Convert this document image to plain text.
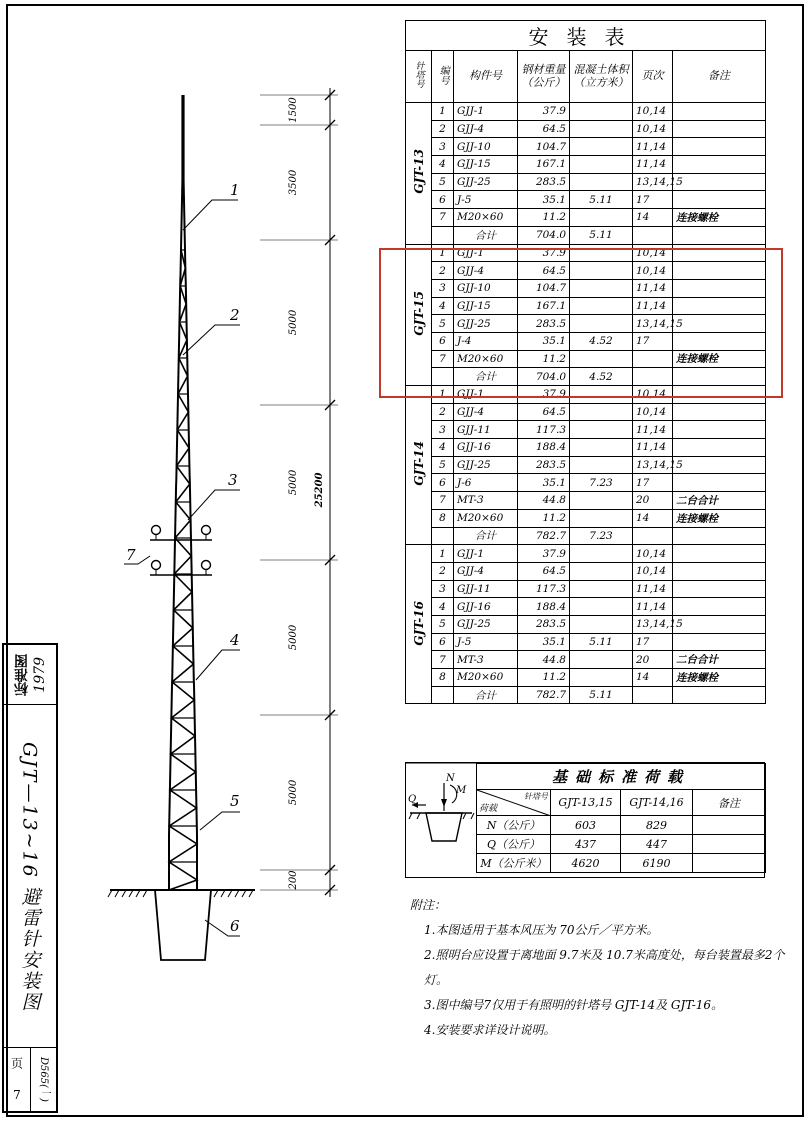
1500
3500
5000
5000
5000
5000
200
25200
1
2
3
4
5
6
7
安装表						
针塔号	编号	构件号	钢材重量（公斤）	混凝土体积（立方米）	页次	备注
GJT-13	1	GJJ-1	37.9		10,14	
	2	GJJ-4	64.5		10,14	
	3	GJJ-10	104.7		11,14	
	4	GJJ-15	167.1		11,14	
	5	GJJ-25	283.5		13,14,15	
	6	J-5	35.1	5.11	17	
	7	M20×60	11.2		14	连接螺栓
		合计	704.0	5.11		
GJT-15	1	GJJ-1	37.9		10,14	
	2	GJJ-4	64.5		10,14	
	3	GJJ-10	104.7		11,14	
	4	GJJ-15	167.1		11,14	
	5	GJJ-25	283.5		13,14,15	
	6	J-4	35.1	4.52	17	
	7	M20×60	11.2			连接螺栓
		合计	704.0	4.52		
GJT-14	1	GJJ-1	37.9		10,14	
	2	GJJ-4	64.5		10,14	
	3	GJJ-11	117.3		11,14	
	4	GJJ-16	188.4		11,14	
	5	GJJ-25	283.5		13,14,15	
	6	J-6	35.1	7.23	17	
	7	MT-3	44.8		20	二台合计
	8	M20×60	11.2		14	连接螺栓
		合计	782.7	7.23		
GJT-16	1	GJJ-1	37.9		10,14	
	2	GJJ-4	64.5		10,14	
	3	GJJ-11	117.3		11,14	
	4	GJJ-16	188.4		11,14	
	5	GJJ-25	283.5		13,14,15	
	6	J-5	35.1	5.11	17	
	7	MT-3	44.8		20	二台合计
	8	M20×60	11.2		14	连接螺栓
		合计	782.7	5.11		
N
M
Q
基础标准荷载			

针塔号
荷载	GJT-13,15	GJT-14,16	备注
N（公斤）	603	829	
Q（公斤）	437	447	
M（公斤米）	4620	6190	
附注：
1.本图适用于基本风压为 70公斤／平方米。
2.照明台应设置于离地面 9.7米及 10.7米高度处，每台装置最多2个灯。
3.图中编号7仅用于有照明的针塔号 GJT-14及 GJT-16。
4.安装要求详设计说明。
标准图 1979
GJT—13~16 避雷针安装图
页
7 D565(一)
